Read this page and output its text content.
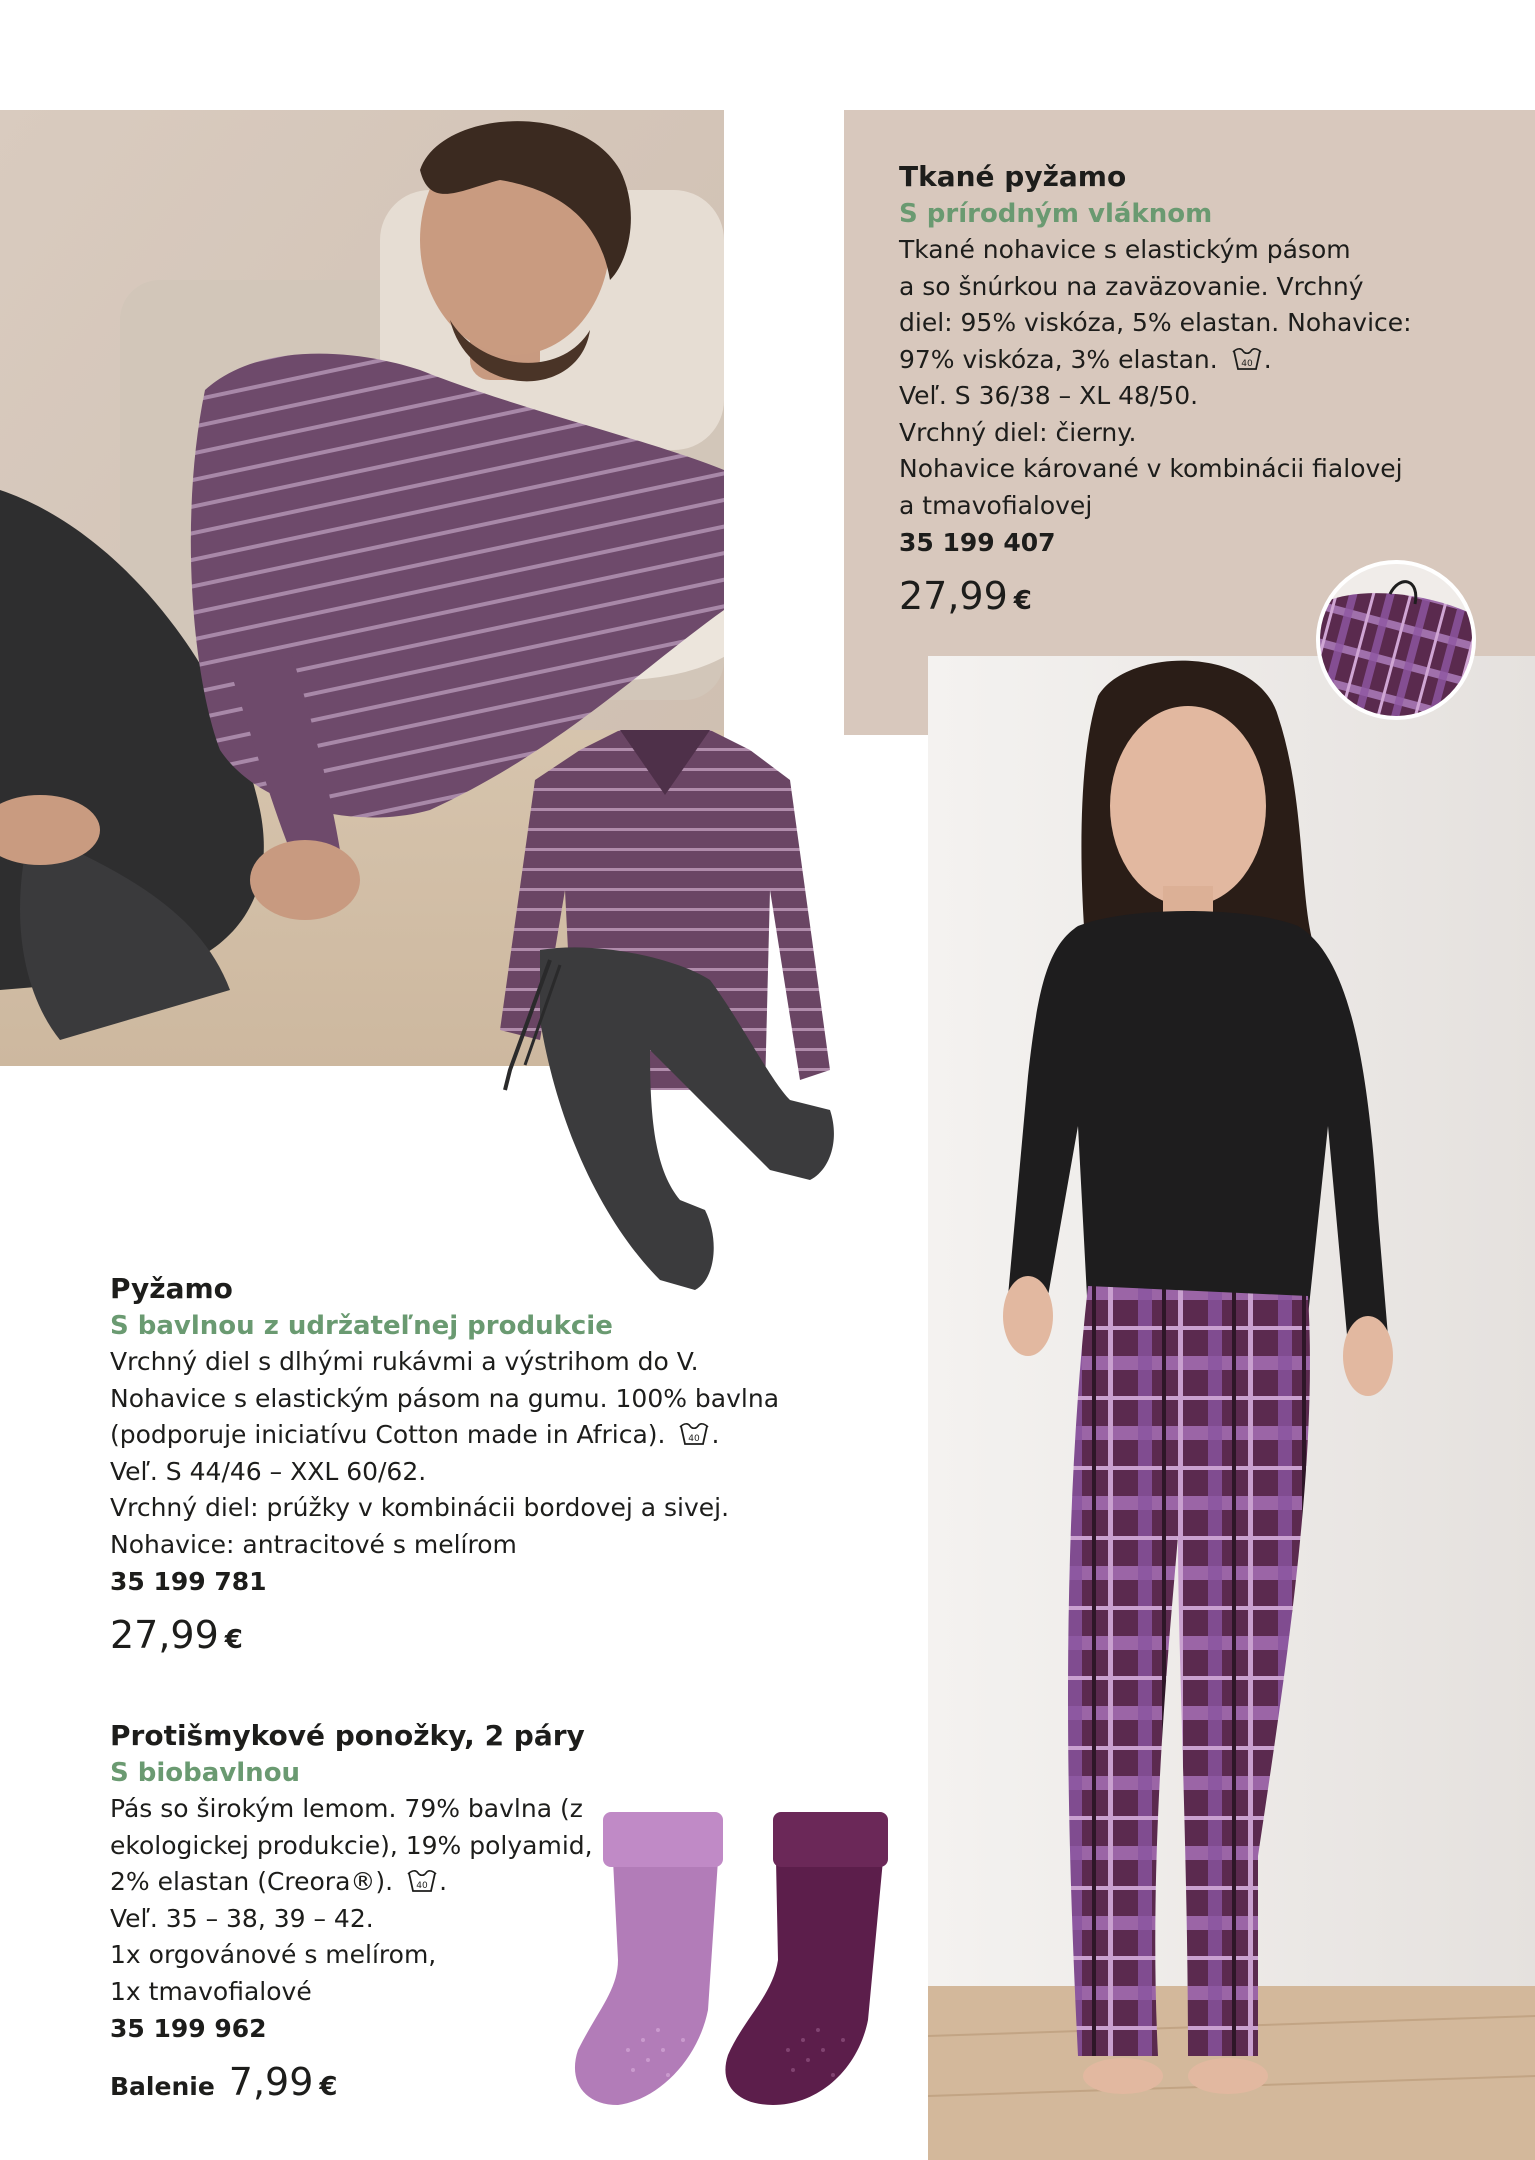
Tkané pyžamo
S prírodným vláknom
Tkané nohavice s elastickým pásom
a so šnúrkou na zaväzovanie. Vrchný
diel: 95% viskóza, 5% elastan. Nohavice:
97% viskóza, 3% elastan.	40 .
Veľ. S 36/38 – XL 48/50.
Vrchný diel: čierny.
Nohavice kárované v kombinácii fialovej
a tmavofialovej
35 199 407
27,99 €
Pyžamo
S bavlnou z udržateľnej produkcie
Vrchný diel s dlhými rukávmi a výstrihom do V.
Nohavice s elastickým pásom na gumu. 100% bavlna
(podporuje iniciatívu Cotton made in Africa).	40 .
Veľ. S 44/46 – XXL 60/62.
Vrchný diel: prúžky v kombinácii bordovej a sivej.
Nohavice: antracitové s melírom
35 199 781
27,99 €
Protišmykové ponožky, 2 páry
S biobavlnou
Pás so širokým lemom. 79% bavlna (z
ekologickej produkcie), 19% polyamid,
2% elastan (Creora®).	40 .
Veľ. 35 – 38, 39 – 42.
1x orgovánové s melírom,
1x tmavofialové
35 199 962
Balenie 7,99 €
